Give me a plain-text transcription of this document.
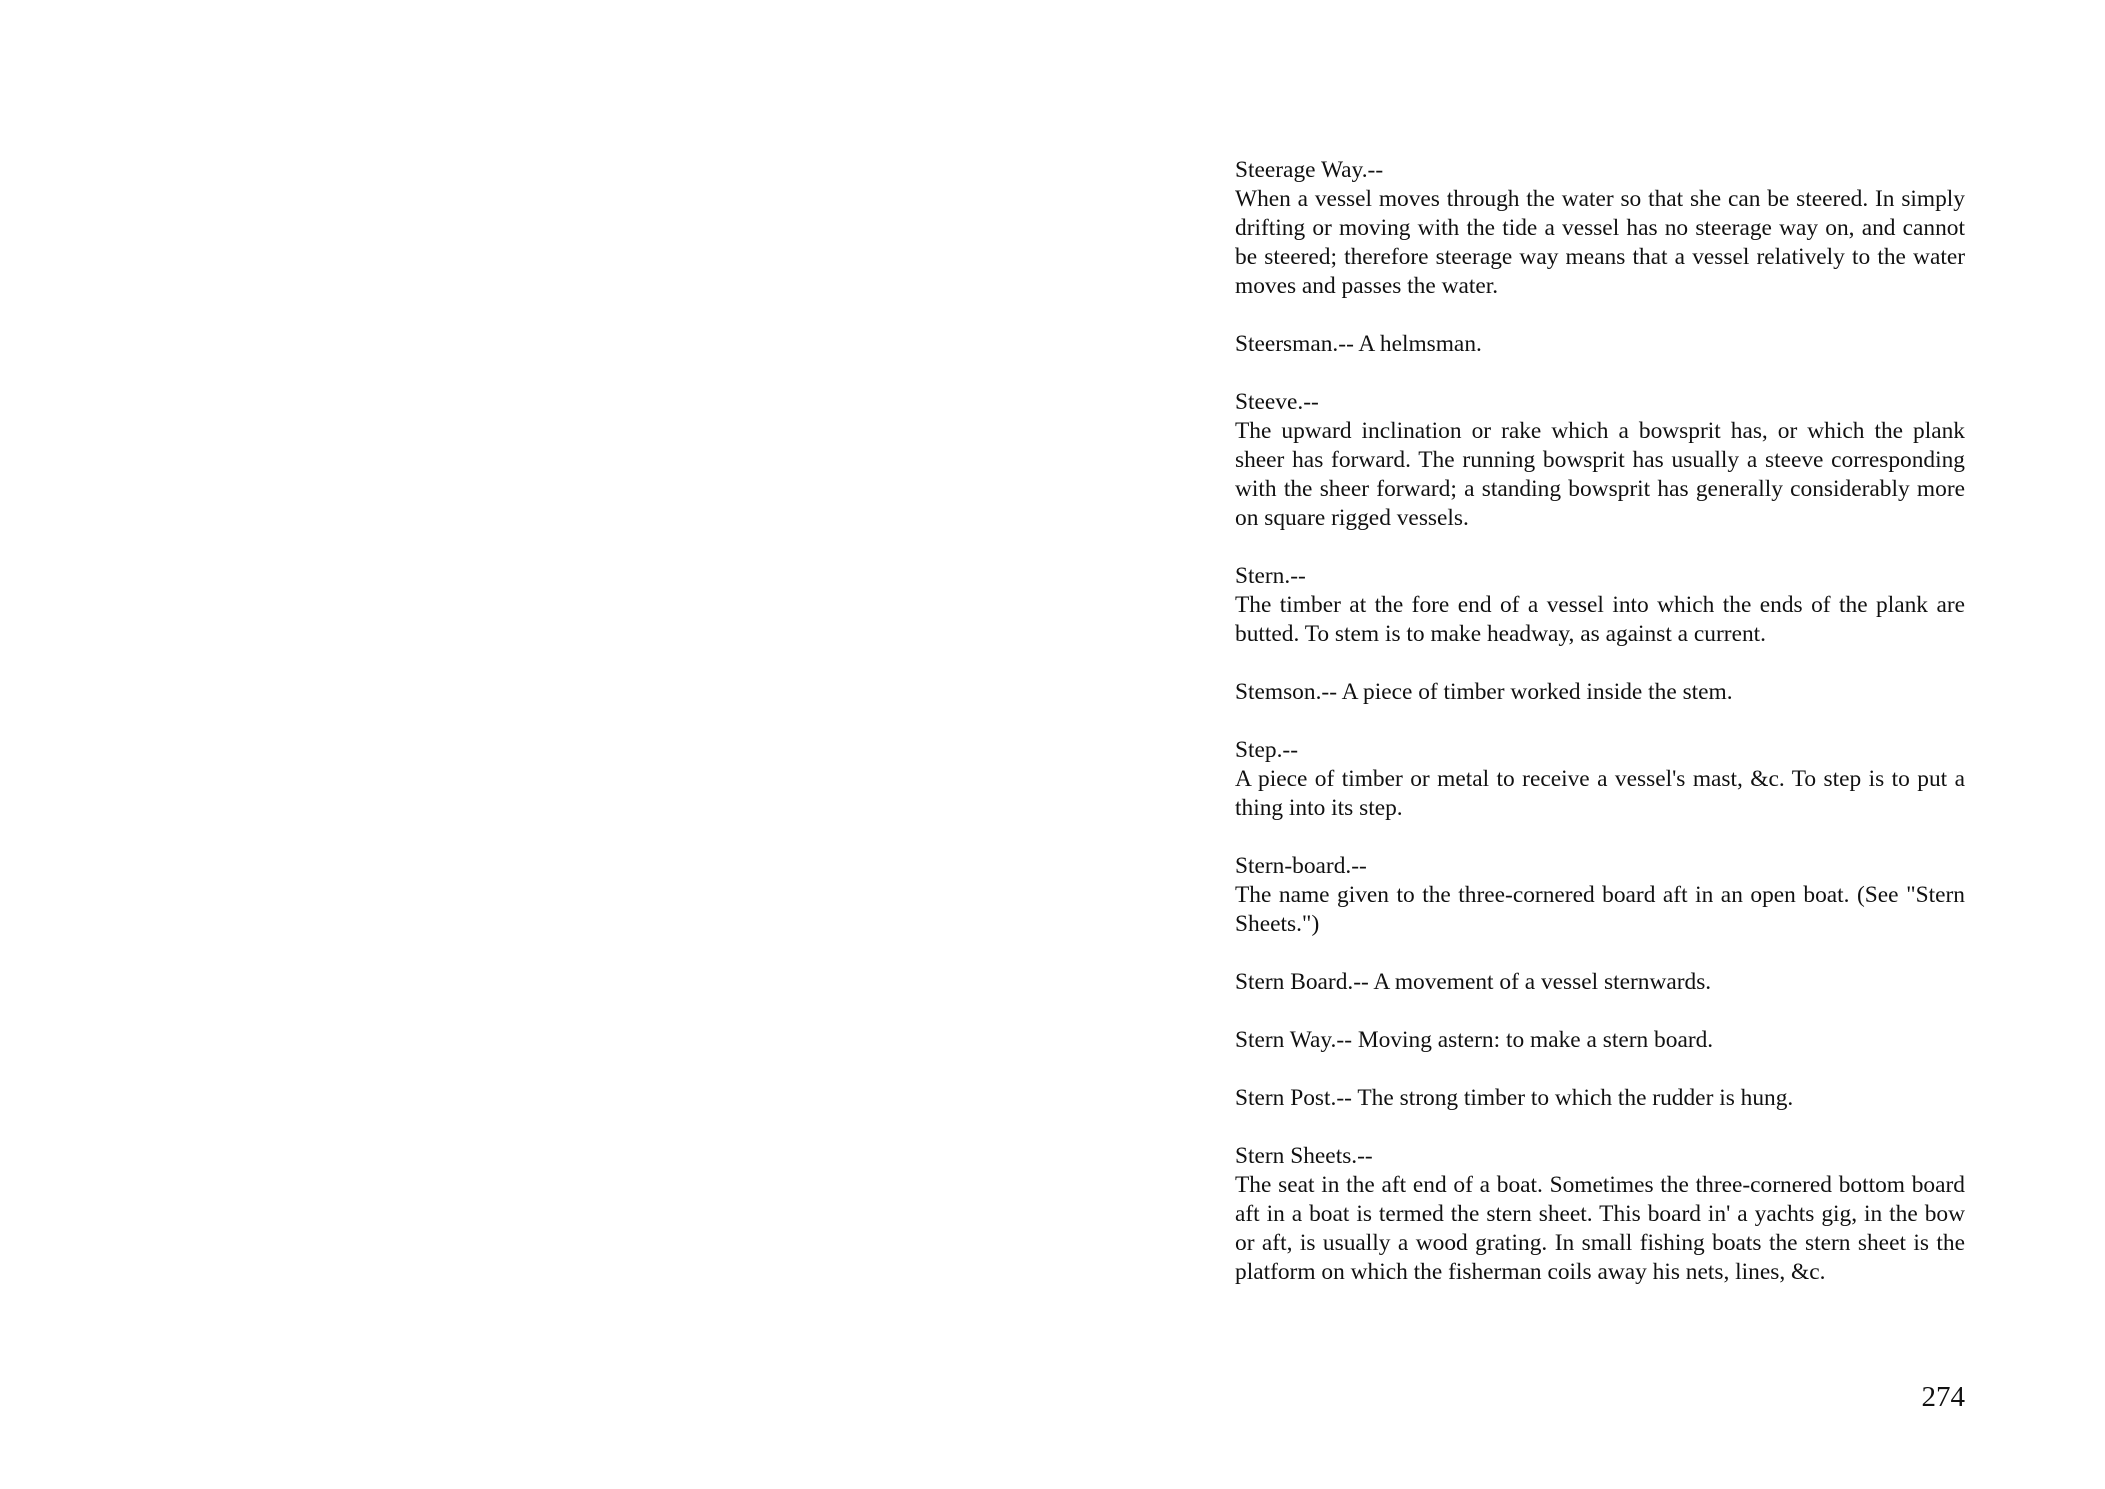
Steerage Way.--
When a vessel moves through the water so that she can be steered. In simply drifting or moving with the tide a vessel has no steerage way on, and cannot be steered; therefore steerage way means that a vessel relatively to the water moves and passes the water.
Steersman.-- A helmsman.
Steeve.--
The upward inclination or rake which a bowsprit has, or which the plank sheer has forward. The running bowsprit has usually a steeve corresponding with the sheer forward; a standing bowsprit has generally considerably more on square rigged vessels.
Stern.--
The timber at the fore end of a vessel into which the ends of the plank are butted. To stem is to make headway, as against a current.
Stemson.-- A piece of timber worked inside the stem.
Step.--
A piece of timber or metal to receive a vessel's mast, &c. To step is to put a thing into its step.
Stern-board.--
The name given to the three-cornered board aft in an open boat. (See "Stern Sheets.")
Stern Board.-- A movement of a vessel sternwards.
Stern Way.-- Moving astern: to make a stern board.
Stern Post.-- The strong timber to which the rudder is hung.
Stern Sheets.--
The seat in the aft end of a boat. Sometimes the three-cornered bottom board aft in a boat is termed the stern sheet. This board in' a yachts gig, in the bow or aft, is usually a wood grating. In small fishing boats the stern sheet is the platform on which the fisherman coils away his nets, lines, &c.
274
